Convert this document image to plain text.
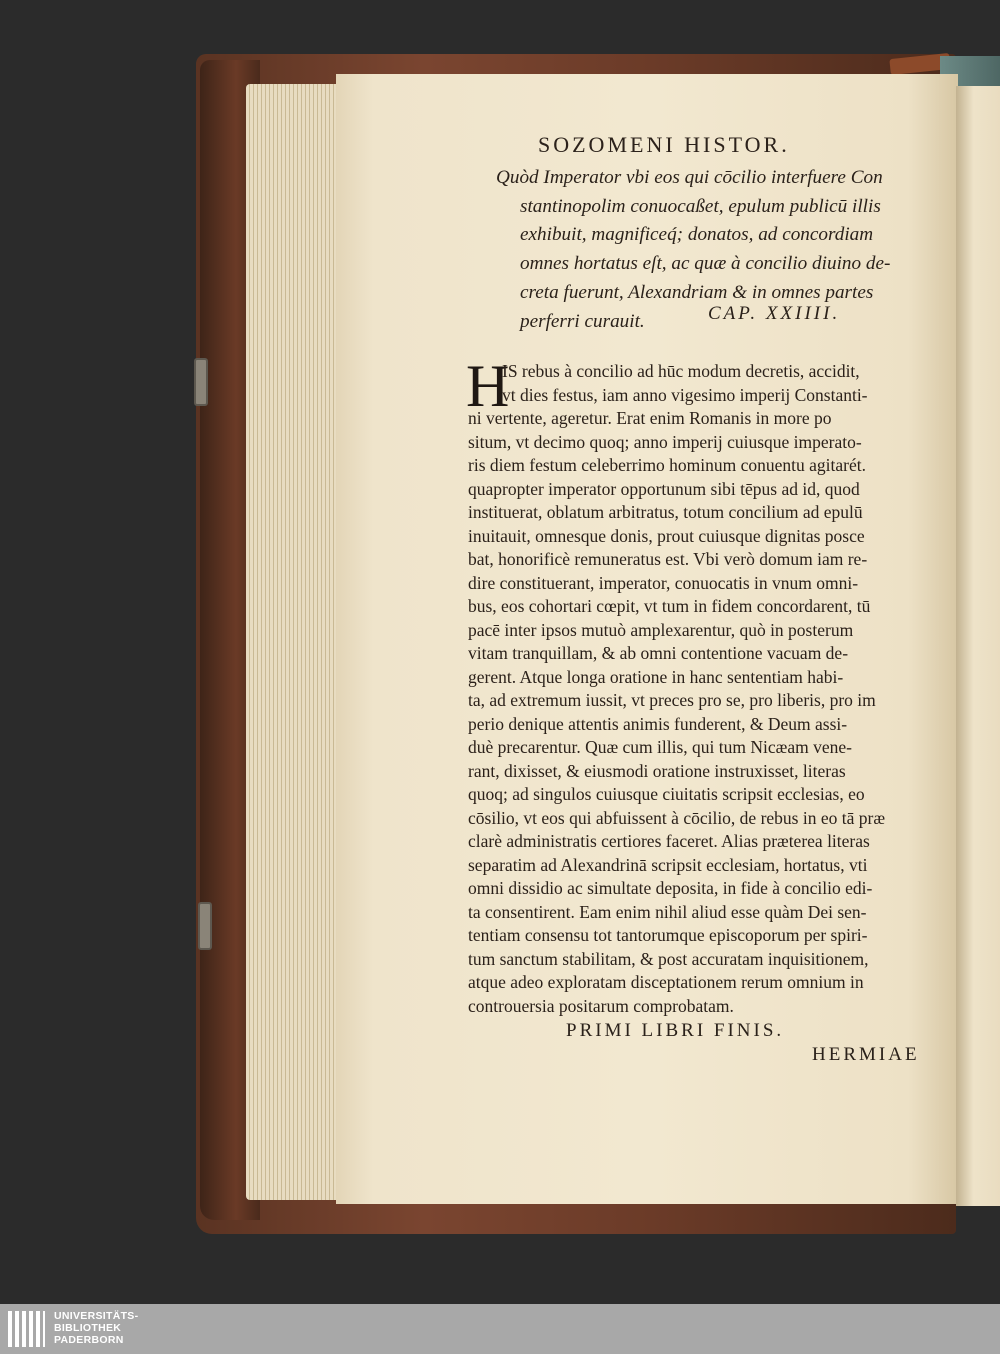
SOZOMENI HISTOR.
Quòd Imperator vbi eos qui cōcilio interfuere Con
stantinopolim conuocaßet, epulum publicū illis
exhibuit, magnificeq́; donatos, ad concordiam
omnes hortatus eſt, ac quæ à concilio diuino de-
creta fuerunt, Alexandriam & in omnes partes
perferri curauit.	CAP. XXIIII.
H
IS rebus à concilio ad hūc modum decretis, accidit,
vt dies festus, iam anno vigesimo imperij Constanti-
ni vertente, ageretur. Erat enim Romanis in more po
situm, vt decimo quoq; anno imperij cuiusque imperato-
ris diem festum celeberrimo hominum conuentu agitarét.
quapropter imperator opportunum sibi tēpus ad id, quod
instituerat, oblatum arbitratus, totum concilium ad epulū
inuitauit, omnesque donis, prout cuiusque dignitas posce
bat, honorificè remuneratus est. Vbi verò domum iam re-
dire constituerant, imperator, conuocatis in vnum omni-
bus, eos cohortari cœpit, vt tum in fidem concordarent, tū
pacē inter ipsos mutuò amplexarentur, quò in posterum
vitam tranquillam, & ab omni contentione vacuam de-
gerent. Atque longa oratione in hanc sententiam habi-
ta, ad extremum iussit, vt preces pro se, pro liberis, pro im
perio denique attentis animis funderent, & Deum assi-
duè precarentur. Quæ cum illis, qui tum Nicæam vene-
rant, dixisset, & eiusmodi oratione instruxisset, literas
quoq; ad singulos cuiusque ciuitatis scripsit ecclesias, eo
cōsilio, vt eos qui abfuissent à cōcilio, de rebus in eo tā præ
clarè administratis certiores faceret. Alias præterea literas
separatim ad Alexandrinā scripsit ecclesiam, hortatus, vti
omni dissidio ac simultate deposita, in fide à concilio edi-
ta consentirent. Eam enim nihil aliud esse quàm Dei sen-
tentiam consensu tot tantorumque episcoporum per spiri-
tum sanctum stabilitam, & post accuratam inquisitionem,
atque adeo exploratam disceptationem rerum omnium in
controuersia positarum comprobatam.
PRIMI LIBRI FINIS.
HERMIAE
UNIVERSITÄTS-
BIBLIOTHEK
PADERBORN
